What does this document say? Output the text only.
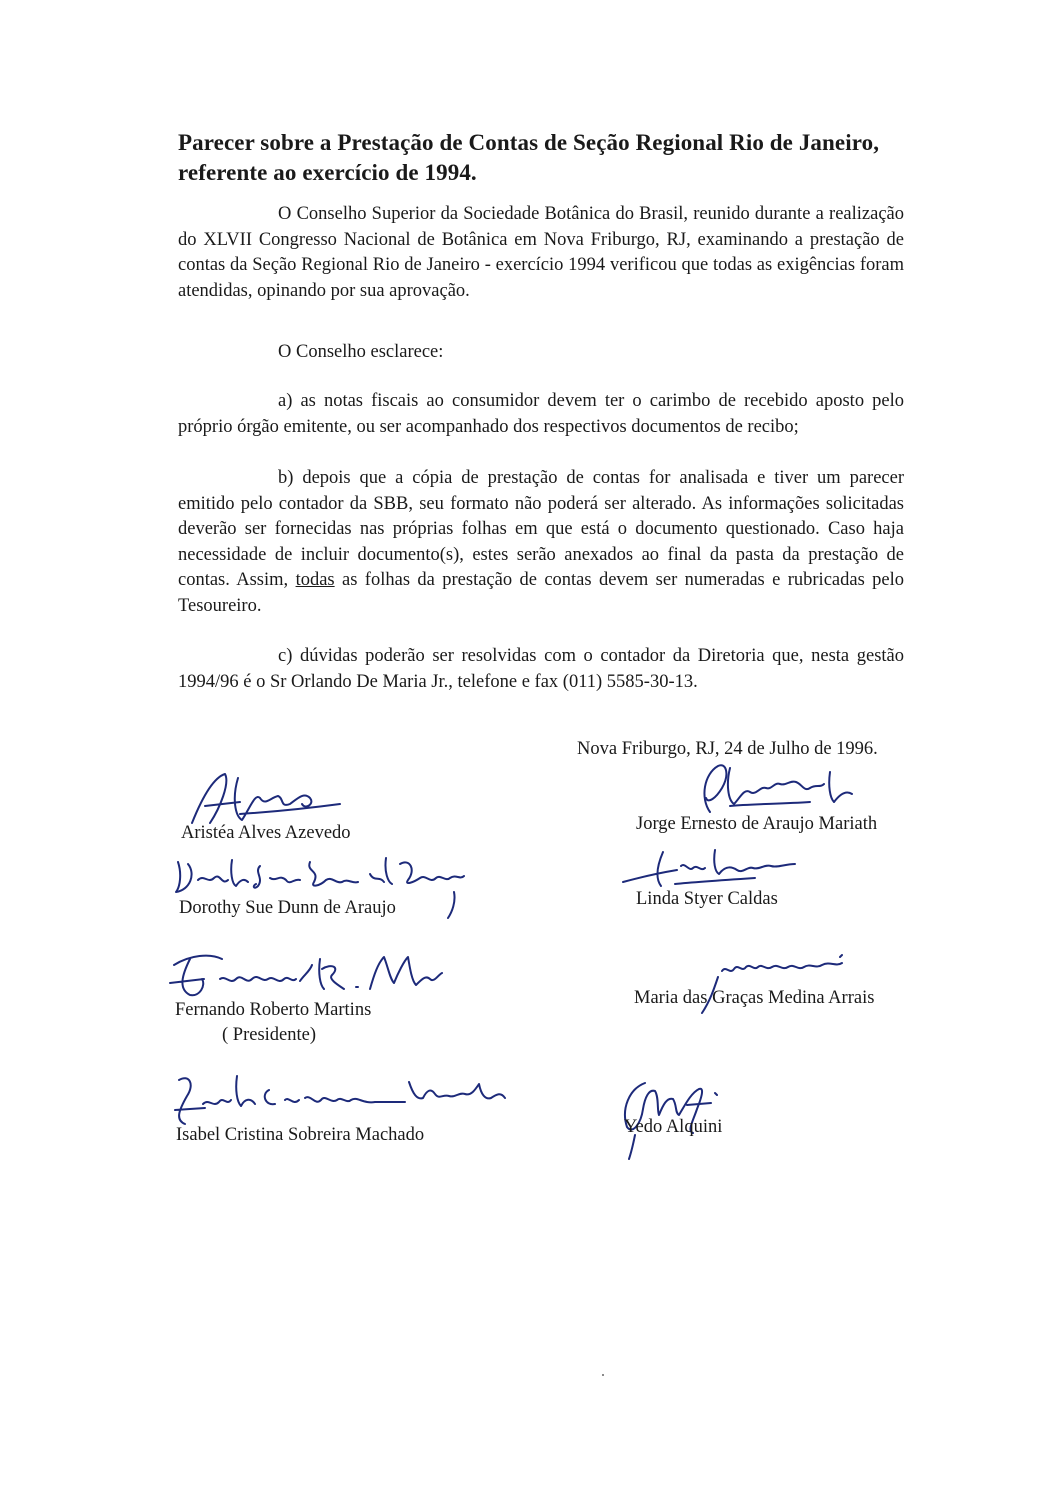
Parecer sobre a Prestação de Contas de Seção Regional Rio de Janeiro, referente ao exercício de 1994.

O Conselho Superior da Sociedade Botânica do Brasil, reunido durante a realização do XLVII Congresso Nacional de Botânica em Nova Friburgo, RJ, examinando a prestação de contas da Seção Regional Rio de Janeiro - exercício 1994 verificou que todas as exigências foram atendidas, opinando por sua aprovação.

O Conselho esclarece:

a) as notas fiscais ao consumidor devem ter o carimbo de recebido aposto pelo próprio órgão emitente, ou ser acompanhado dos respectivos documentos de recibo;

b) depois que a cópia de prestação de contas for analisada e tiver um parecer emitido pelo contador da SBB, seu formato não poderá ser alterado. As informações solicitadas deverão ser fornecidas nas próprias folhas em que está o documento questionado. Caso haja necessidade de incluir documento(s), estes serão anexados ao final da pasta da prestação de contas. Assim, todas as folhas da prestação de contas devem ser numeradas e rubricadas pelo Tesoureiro.

c) dúvidas poderão ser resolvidas com o contador da Diretoria que, nesta gestão 1994/96 é o Sr Orlando De Maria Jr., telefone e fax (011) 5585-30-13.

Nova Friburgo, RJ, 24 de Julho de 1996.
Aristéa Alves Azevedo
Dorothy Sue Dunn de Araujo
Fernando Roberto Martins
( Presidente)
Isabel Cristina Sobreira Machado
Jorge Ernesto de Araujo Mariath
Linda Styer Caldas
Maria das Graças Medina Arrais
Yedo Alquini
